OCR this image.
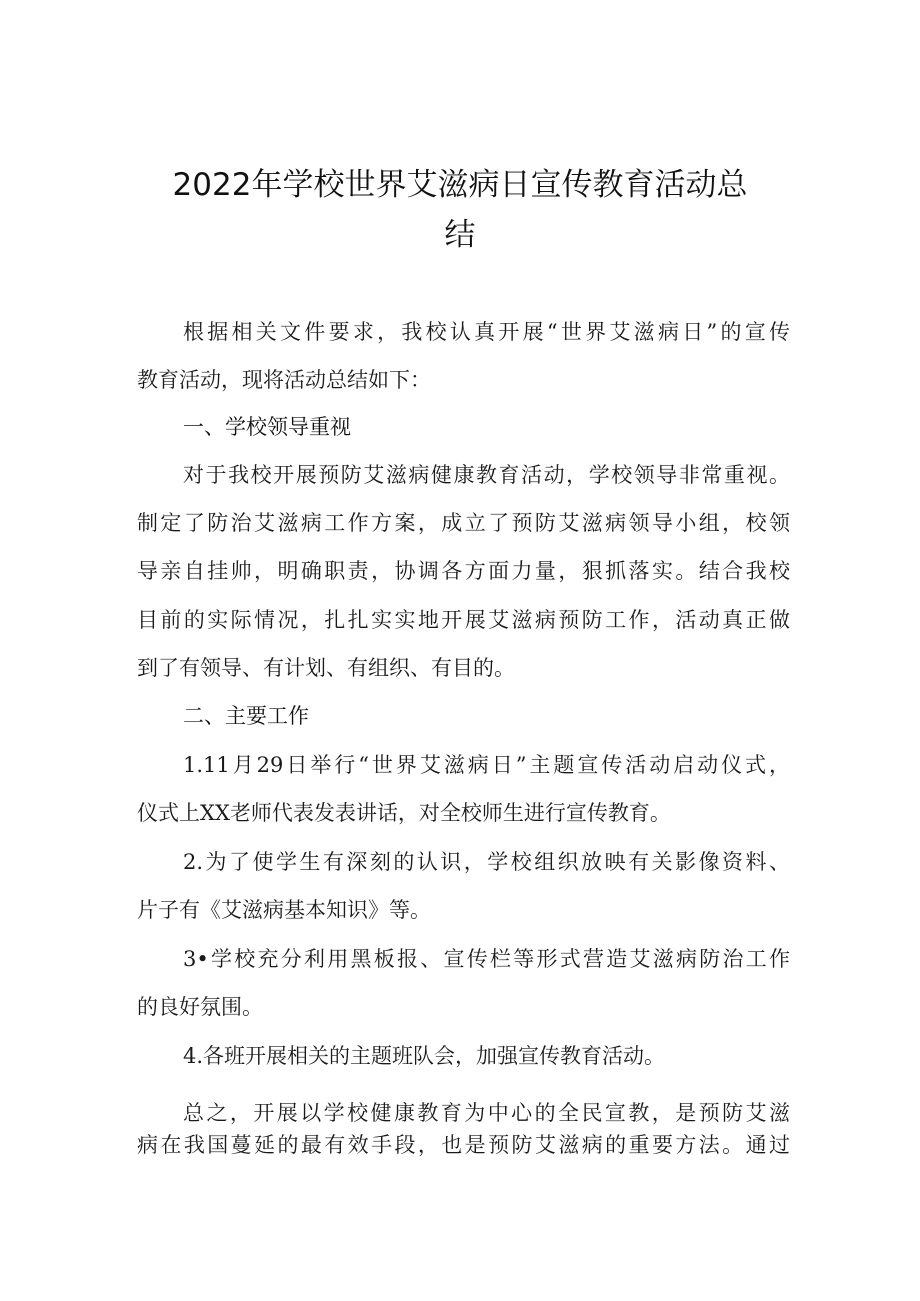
2022年学校世界艾滋病日宣传教育活动总
结
根据相关文件要求，我校认真开展“世界艾滋病日”的宣传
教育活动，现将活动总结如下：
一、学校领导重视
对于我校开展预防艾滋病健康教育活动，学校领导非常重视。
制定了防治艾滋病工作方案，成立了预防艾滋病领导小组，校领
导亲自挂帅，明确职责，协调各方面力量，狠抓落实。结合我校
目前的实际情况，扎扎实实地开展艾滋病预防工作，活动真正做
到了有领导、有计划、有组织、有目的。
二、主要工作
1.11月29日举行“世界艾滋病日”主题宣传活动启动仪式，
仪式上XX老师代表发表讲话，对全校师生进行宣传教育。
2.为了使学生有深刻的认识，学校组织放映有关影像资料、
片子有《艾滋病基本知识》等。
3•学校充分利用黑板报、宣传栏等形式营造艾滋病防治工作
的良好氛围。
4.各班开展相关的主题班队会，加强宣传教育活动。
总之，开展以学校健康教育为中心的全民宣教，是预防艾滋
病在我国蔓延的最有效手段，也是预防艾滋病的重要方法。通过
